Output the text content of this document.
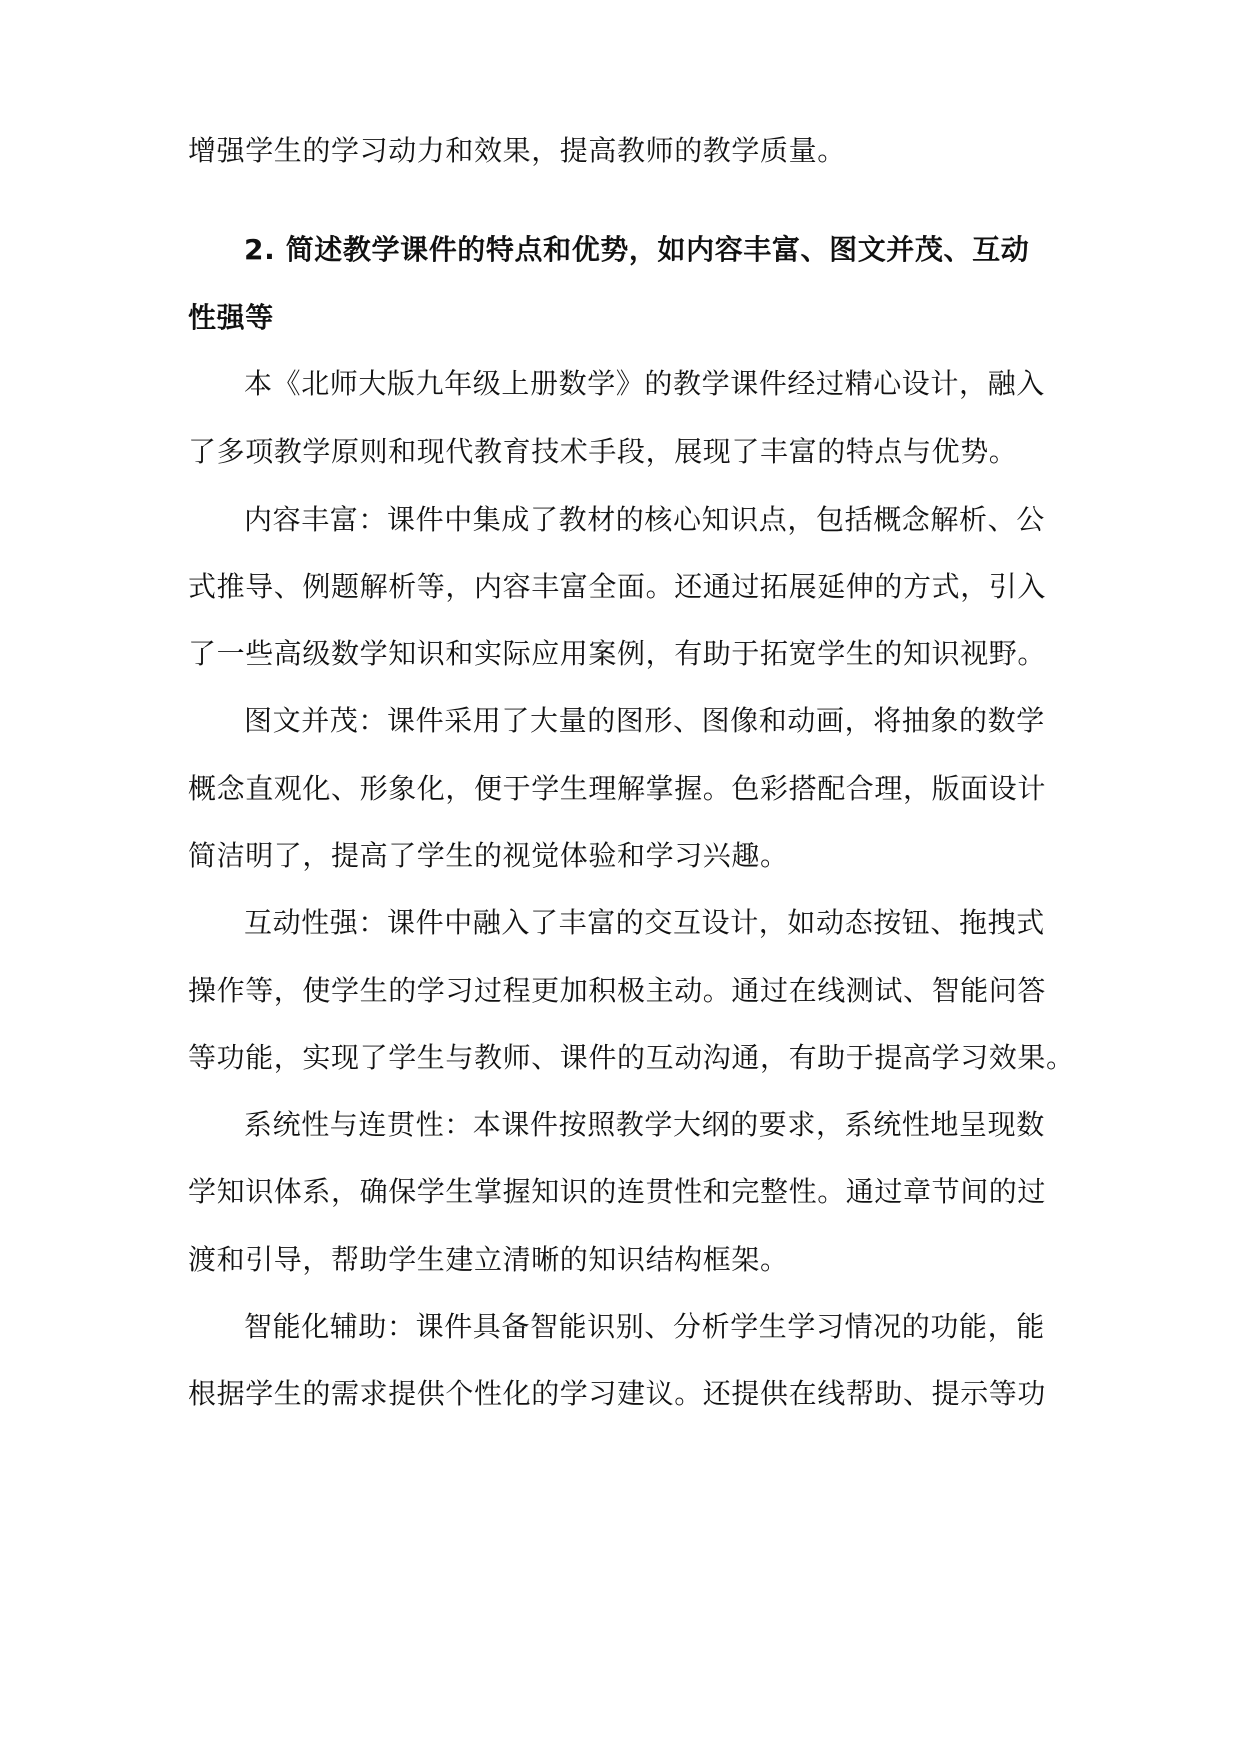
增强学生的学习动力和效果，提高教师的教学质量。
2. 简述教学课件的特点和优势，如内容丰富、图文并茂、互动
性强等
本《北师大版九年级上册数学》的教学课件经过精心设计，融入
了多项教学原则和现代教育技术手段，展现了丰富的特点与优势。
内容丰富：课件中集成了教材的核心知识点，包括概念解析、公
式推导、例题解析等，内容丰富全面。还通过拓展延伸的方式，引入
了一些高级数学知识和实际应用案例，有助于拓宽学生的知识视野。
图文并茂：课件采用了大量的图形、图像和动画，将抽象的数学
概念直观化、形象化，便于学生理解掌握。色彩搭配合理，版面设计
简洁明了，提高了学生的视觉体验和学习兴趣。
互动性强：课件中融入了丰富的交互设计，如动态按钮、拖拽式
操作等，使学生的学习过程更加积极主动。通过在线测试、智能问答
等功能，实现了学生与教师、课件的互动沟通，有助于提高学习效果。
系统性与连贯性：本课件按照教学大纲的要求，系统性地呈现数
学知识体系，确保学生掌握知识的连贯性和完整性。通过章节间的过
渡和引导，帮助学生建立清晰的知识结构框架。
智能化辅助：课件具备智能识别、分析学生学习情况的功能，能
根据学生的需求提供个性化的学习建议。还提供在线帮助、提示等功
